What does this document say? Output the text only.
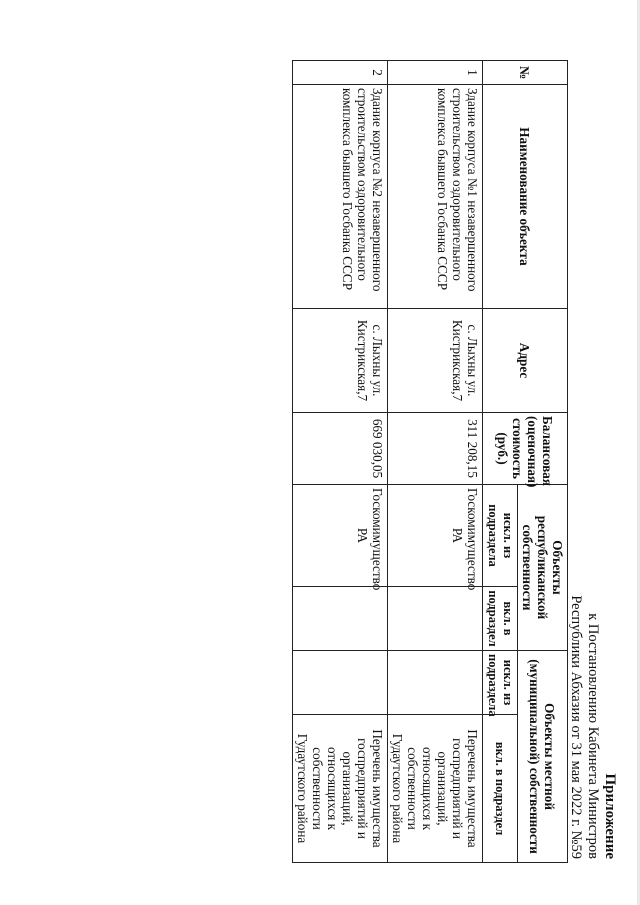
Приложение
к Постановлению Кабинета Министров
Республики Абхазия от 31 мая 2022 г. №59
№	Наименование объекта	Адрес	Балансовая (оценочная) стоимость (руб.)	Объекты республиканской собственности		Объекты местной (муниципальной) собственности	
				искл. из подраздела	вкл. в подраздел	искл. из подраздела	вкл. в подраздел
1	Здание корпуса №1 незавершенного строительством оздоровительного комплекса бывшего Госбанка СССР	с. Лыхны ул. Кистрикская,7	311 208,15	Госкомимущество РА			Перечень имущества госпредприятий и организаций, относящихся к собственности Гудаутского района
2	Здание корпуса №2 незавершенного строительством оздоровительного комплекса бывшего Госбанка СССР	с. Лыхны ул. Кистрикская,7	669 030,05	Госкомимущество РА			Перечень имущества госпредприятий и организаций, относящихся к собственности Гудаутского района
